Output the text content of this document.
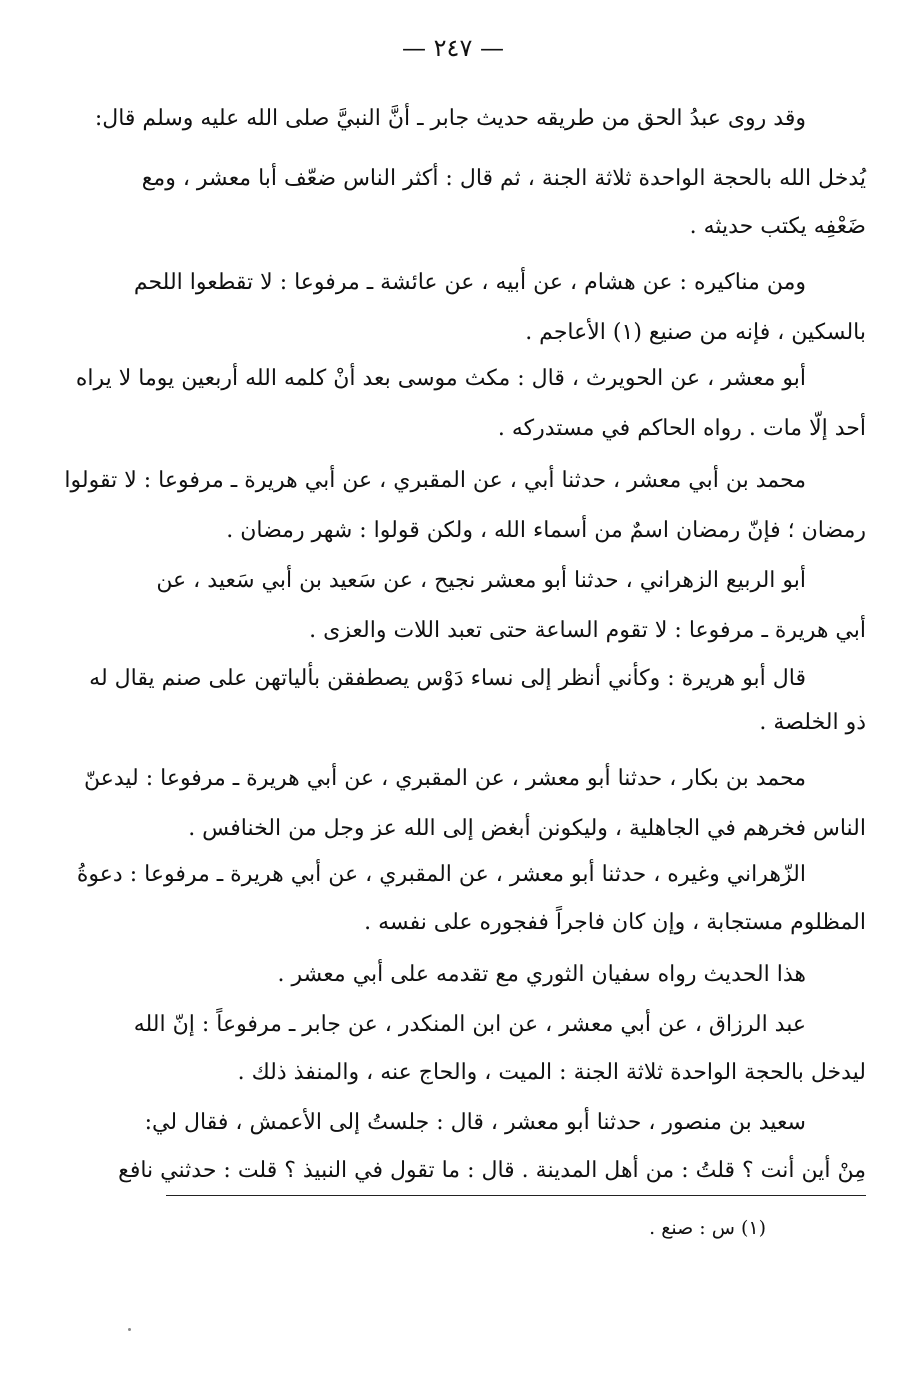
— ٢٤٧ —
وقد روى عبدُ الحق من طريقه حديث جابر ـ أنَّ النبيَّ صلى الله عليه وسلم قال:
يُدخل الله بالحجة الواحدة ثلاثة الجنة ، ثم قال : أكثر الناس ضعّف أبا معشر ، ومع
ضَعْفِه يكتب حديثه .
ومن مناكيره : عن هشام ، عن أبيه ، عن عائشة ـ مرفوعا : لا تقطعوا اللحم
بالسكين ، فإنه من صنيع (١) الأعاجم .
أبو معشر ، عن الحويرث ، قال : مكث موسى بعد أنْ كلمه الله أربعين يوما لا يراه
أحد إلّا مات . رواه الحاكم في مستدركه .
محمد بن أبي معشر ، حدثنا أبي ، عن المقبري ، عن أبي هريرة ـ مرفوعا : لا تقولوا
رمضان ؛ فإنّ رمضان اسمٌ من أسماء الله ، ولكن قولوا : شهر رمضان .
أبو الربيع الزهراني ، حدثنا أبو معشر نجيح ، عن سَعيد بن أبي سَعيد ، عن
أبي هريرة ـ مرفوعا : لا تقوم الساعة حتى تعبد اللات والعزى .
قال أبو هريرة : وكأني أنظر إلى نساء دَوْس يصطفقن بألياتهن على صنم يقال له
ذو الخلصة .
محمد بن بكار ، حدثنا أبو معشر ، عن المقبري ، عن أبي هريرة ـ مرفوعا : ليدعنّ
الناس فخرهم في الجاهلية ، وليكونن أبغض إلى الله عز وجل من الخنافس .
الزّهراني وغيره ، حدثنا أبو معشر ، عن المقبري ، عن أبي هريرة ـ مرفوعا : دعوةُ
المظلوم مستجابة ، وإن كان فاجراً ففجوره على نفسه .
هذا الحديث رواه سفيان الثوري مع تقدمه على أبي معشر .
عبد الرزاق ، عن أبي معشر ، عن ابن المنكدر ، عن جابر ـ مرفوعاً : إنّ الله
ليدخل بالحجة الواحدة ثلاثة الجنة : الميت ، والحاج عنه ، والمنفذ ذلك .
سعيد بن منصور ، حدثنا أبو معشر ، قال : جلستُ إلى الأعمش ، فقال لي:
مِنْ أين أنت ؟ قلتُ : من أهل المدينة . قال : ما تقول في النبيذ ؟ قلت : حدثني نافع
(١) س : صنع .
